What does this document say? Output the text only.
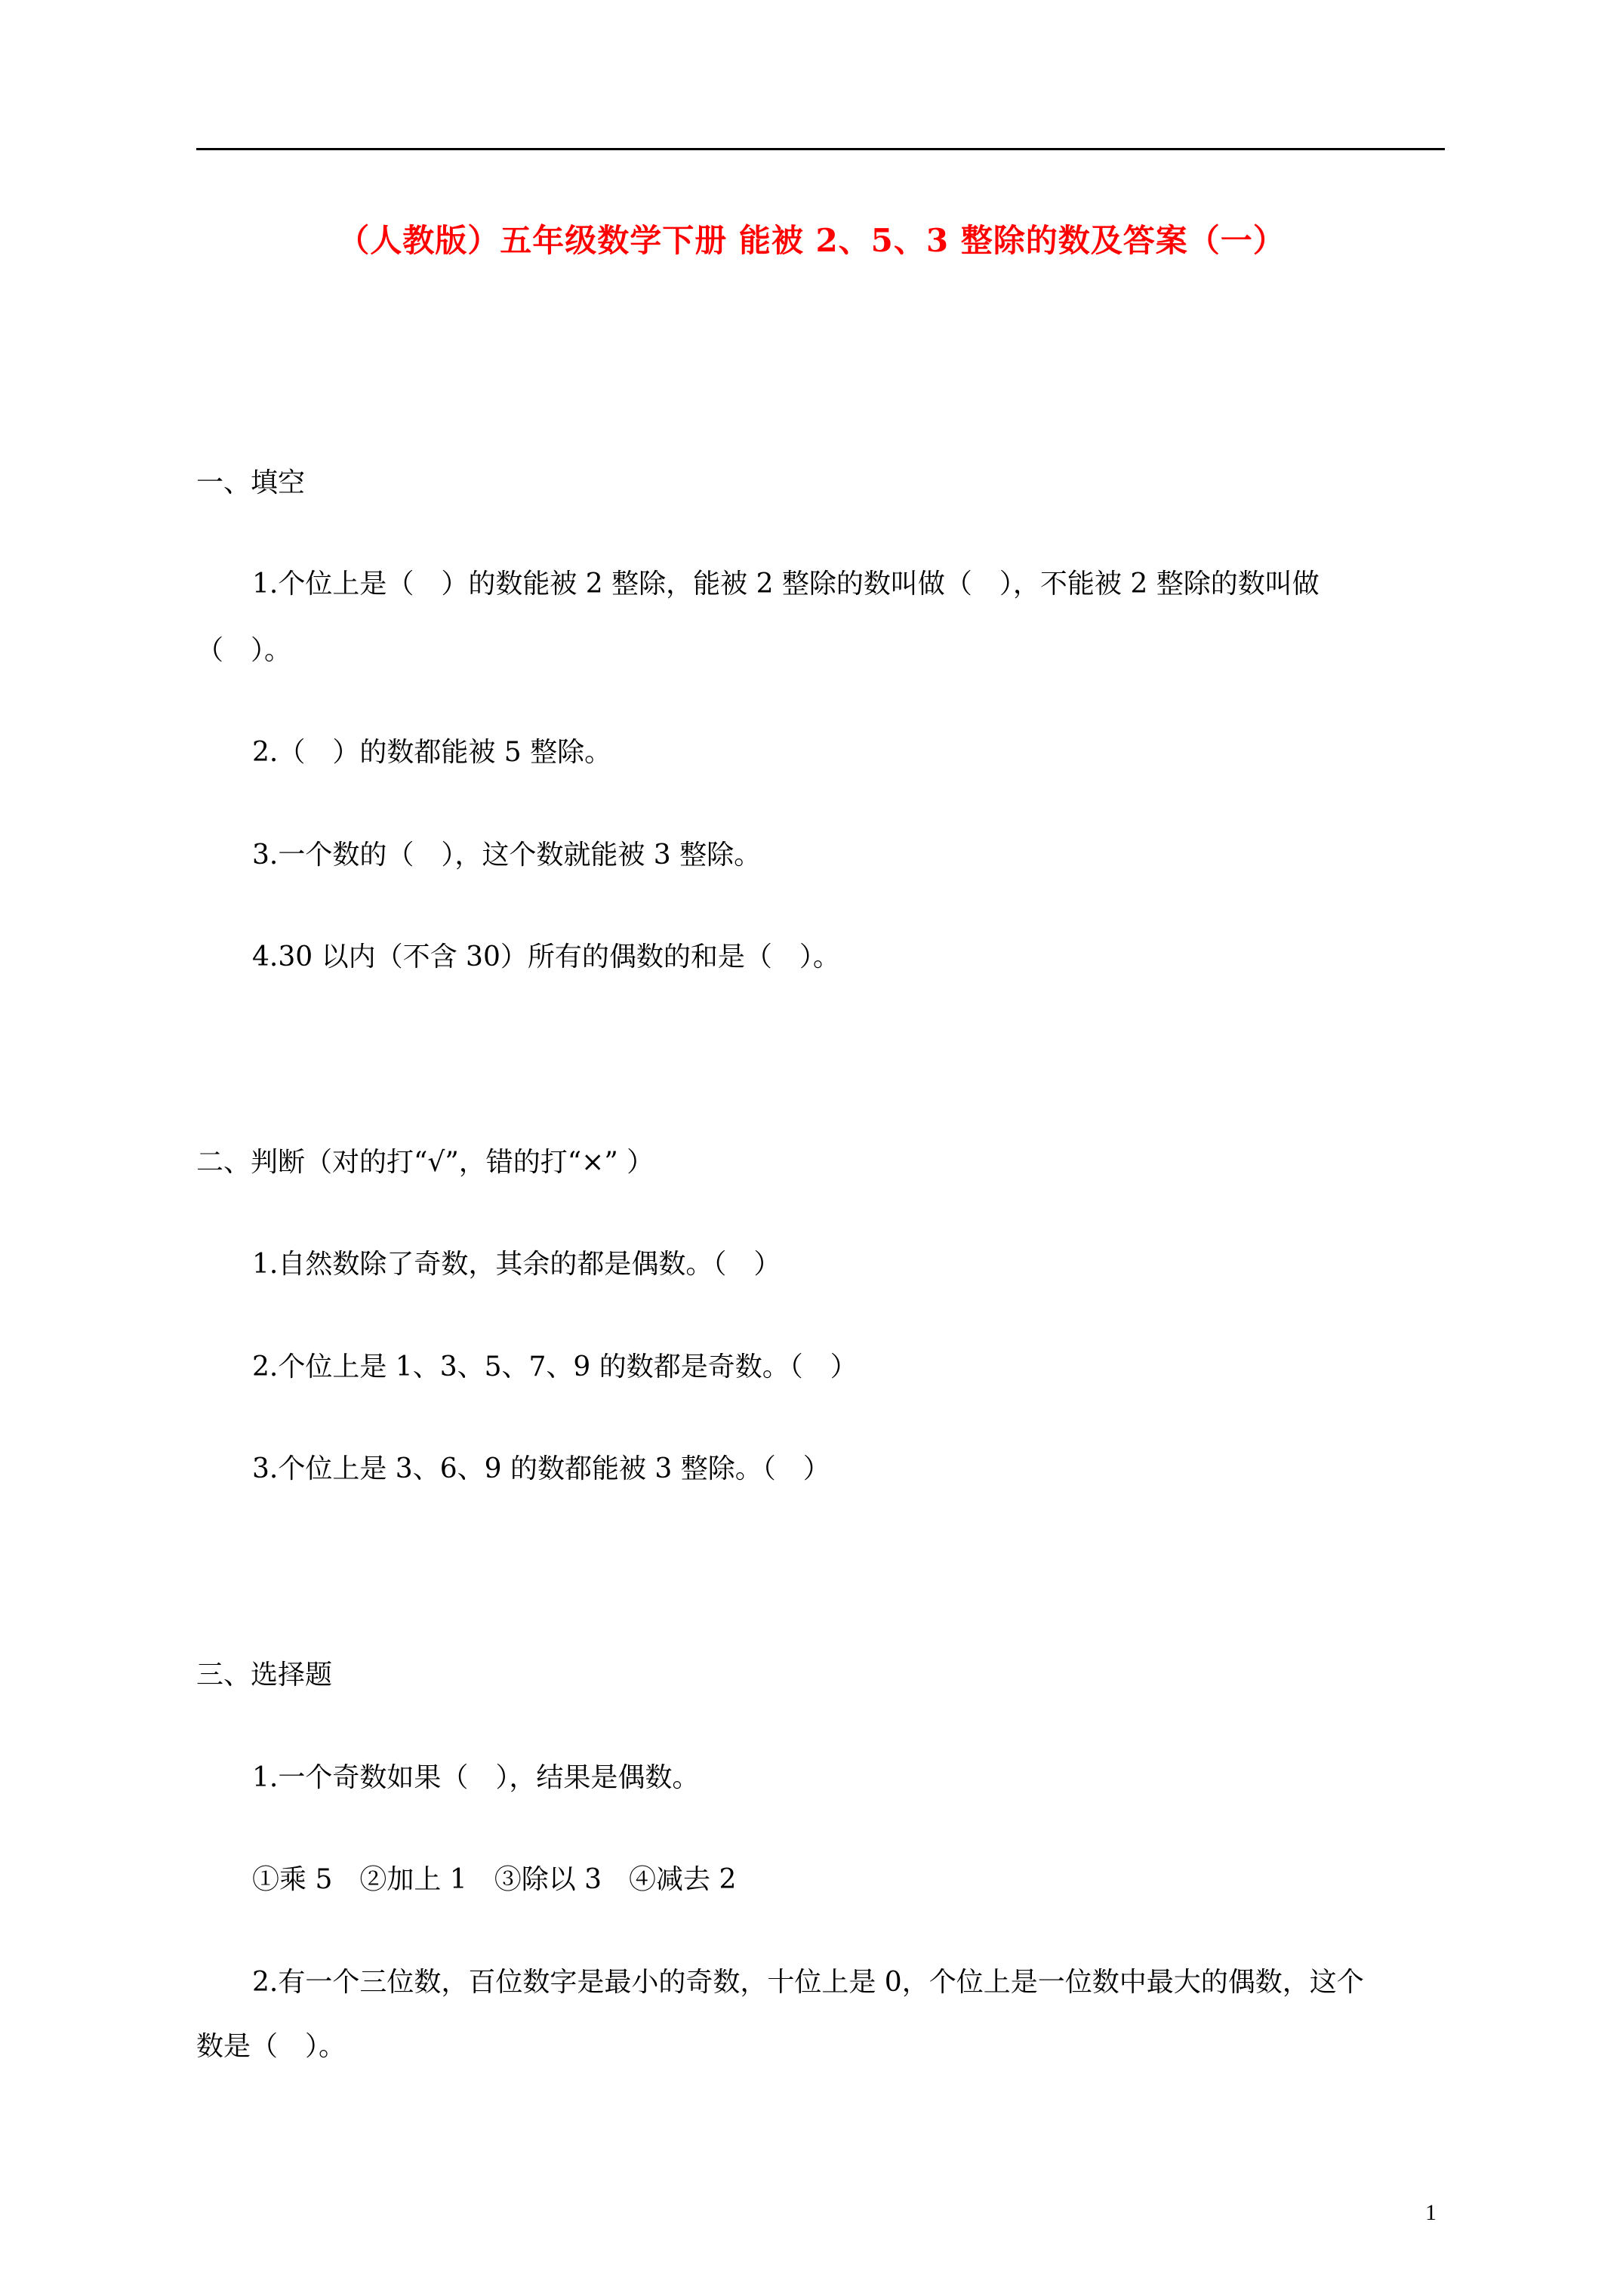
（人教版）五年级数学下册 能被 2、5、3 整除的数及答案（一）
一、填空
1.个位上是（　）的数能被 2 整除，能被 2 整除的数叫做（　），不能被 2 整除的数叫做
（　）。
2.（　）的数都能被 5 整除。
3.一个数的（　），这个数就能被 3 整除。
4.30 以内（不含 30）所有的偶数的和是（　）。
二、判断（对的打“√”，错的打“×” ）
1.自然数除了奇数，其余的都是偶数。（　）
2.个位上是 1、3、5、7、9 的数都是奇数。（　）
3.个位上是 3、6、9 的数都能被 3 整除。（　）
三、选择题
1.一个奇数如果（　），结果是偶数。
①乘 5　②加上 1　③除以 3　④减去 2
2.有一个三位数，百位数字是最小的奇数，十位上是 0，个位上是一位数中最大的偶数，这个
数是（　）。
1
